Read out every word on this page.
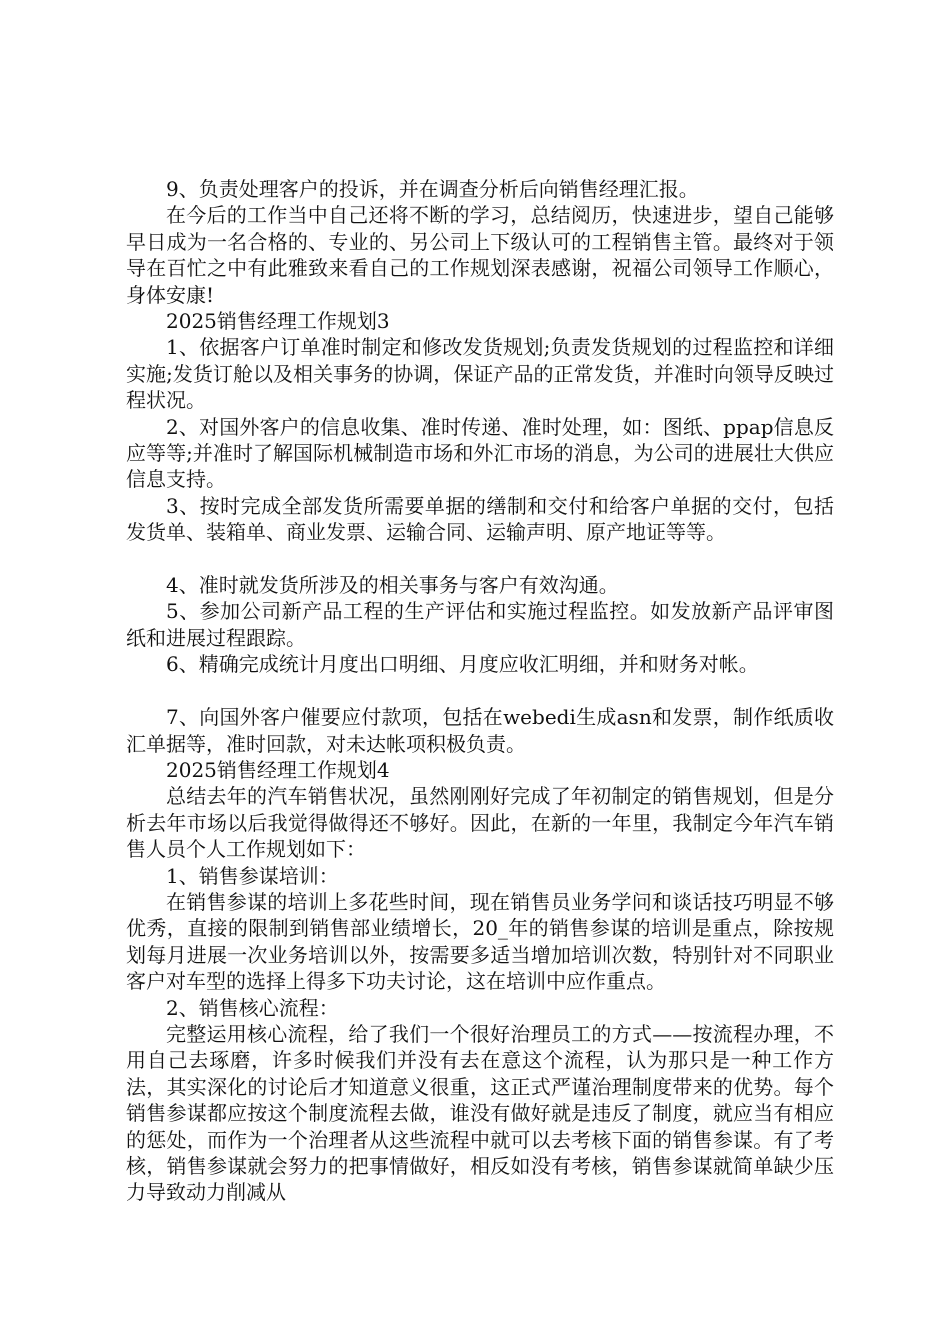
9、负责处理客户的投诉，并在调查分析后向销售经理汇报。

在今后的工作当中自己还将不断的学习，总结阅历，快速进步，望自己能够早日成为一名合格的、专业的、另公司上下级认可的工程销售主管。最终对于领导在百忙之中有此雅致来看自己的工作规划深表感谢，祝福公司领导工作顺心，身体安康!

2025销售经理工作规划3

1、依据客户订单准时制定和修改发货规划;负责发货规划的过程监控和详细实施;发货订舱以及相关事务的协调，保证产品的正常发货，并准时向领导反映过程状况。

2、对国外客户的信息收集、准时传递、准时处理，如：图纸、ppap信息反应等等;并准时了解国际机械制造市场和外汇市场的消息，为公司的进展壮大供应信息支持。

3、按时完成全部发货所需要单据的缮制和交付和给客户单据的交付，包括发货单、装箱单、商业发票、运输合同、运输声明、原产地证等等。

4、准时就发货所涉及的相关事务与客户有效沟通。

5、参加公司新产品工程的生产评估和实施过程监控。如发放新产品评审图纸和进展过程跟踪。

6、精确完成统计月度出口明细、月度应收汇明细，并和财务对帐。

7、向国外客户催要应付款项，包括在webedi生成asn和发票，制作纸质收汇单据等，准时回款，对未达帐项积极负责。

2025销售经理工作规划4

总结去年的汽车销售状况，虽然刚刚好完成了年初制定的销售规划，但是分析去年市场以后我觉得做得还不够好。因此，在新的一年里，我制定今年汽车销售人员个人工作规划如下：

1、销售参谋培训：

在销售参谋的培训上多花些时间，现在销售员业务学问和谈话技巧明显不够优秀，直接的限制到销售部业绩增长，20_年的销售参谋的培训是重点，除按规划每月进展一次业务培训以外，按需要多适当增加培训次数，特别针对不同职业客户对车型的选择上得多下功夫讨论，这在培训中应作重点。

2、销售核心流程：

完整运用核心流程，给了我们一个很好治理员工的方式——按流程办理，不用自己去琢磨，许多时候我们并没有去在意这个流程，认为那只是一种工作方法，其实深化的讨论后才知道意义很重，这正式严谨治理制度带来的优势。每个销售参谋都应按这个制度流程去做，谁没有做好就是违反了制度，就应当有相应的惩处，而作为一个治理者从这些流程中就可以去考核下面的销售参谋。有了考核，销售参谋就会努力的把事情做好，相反如没有考核，销售参谋就简单缺少压力导致动力削减从
